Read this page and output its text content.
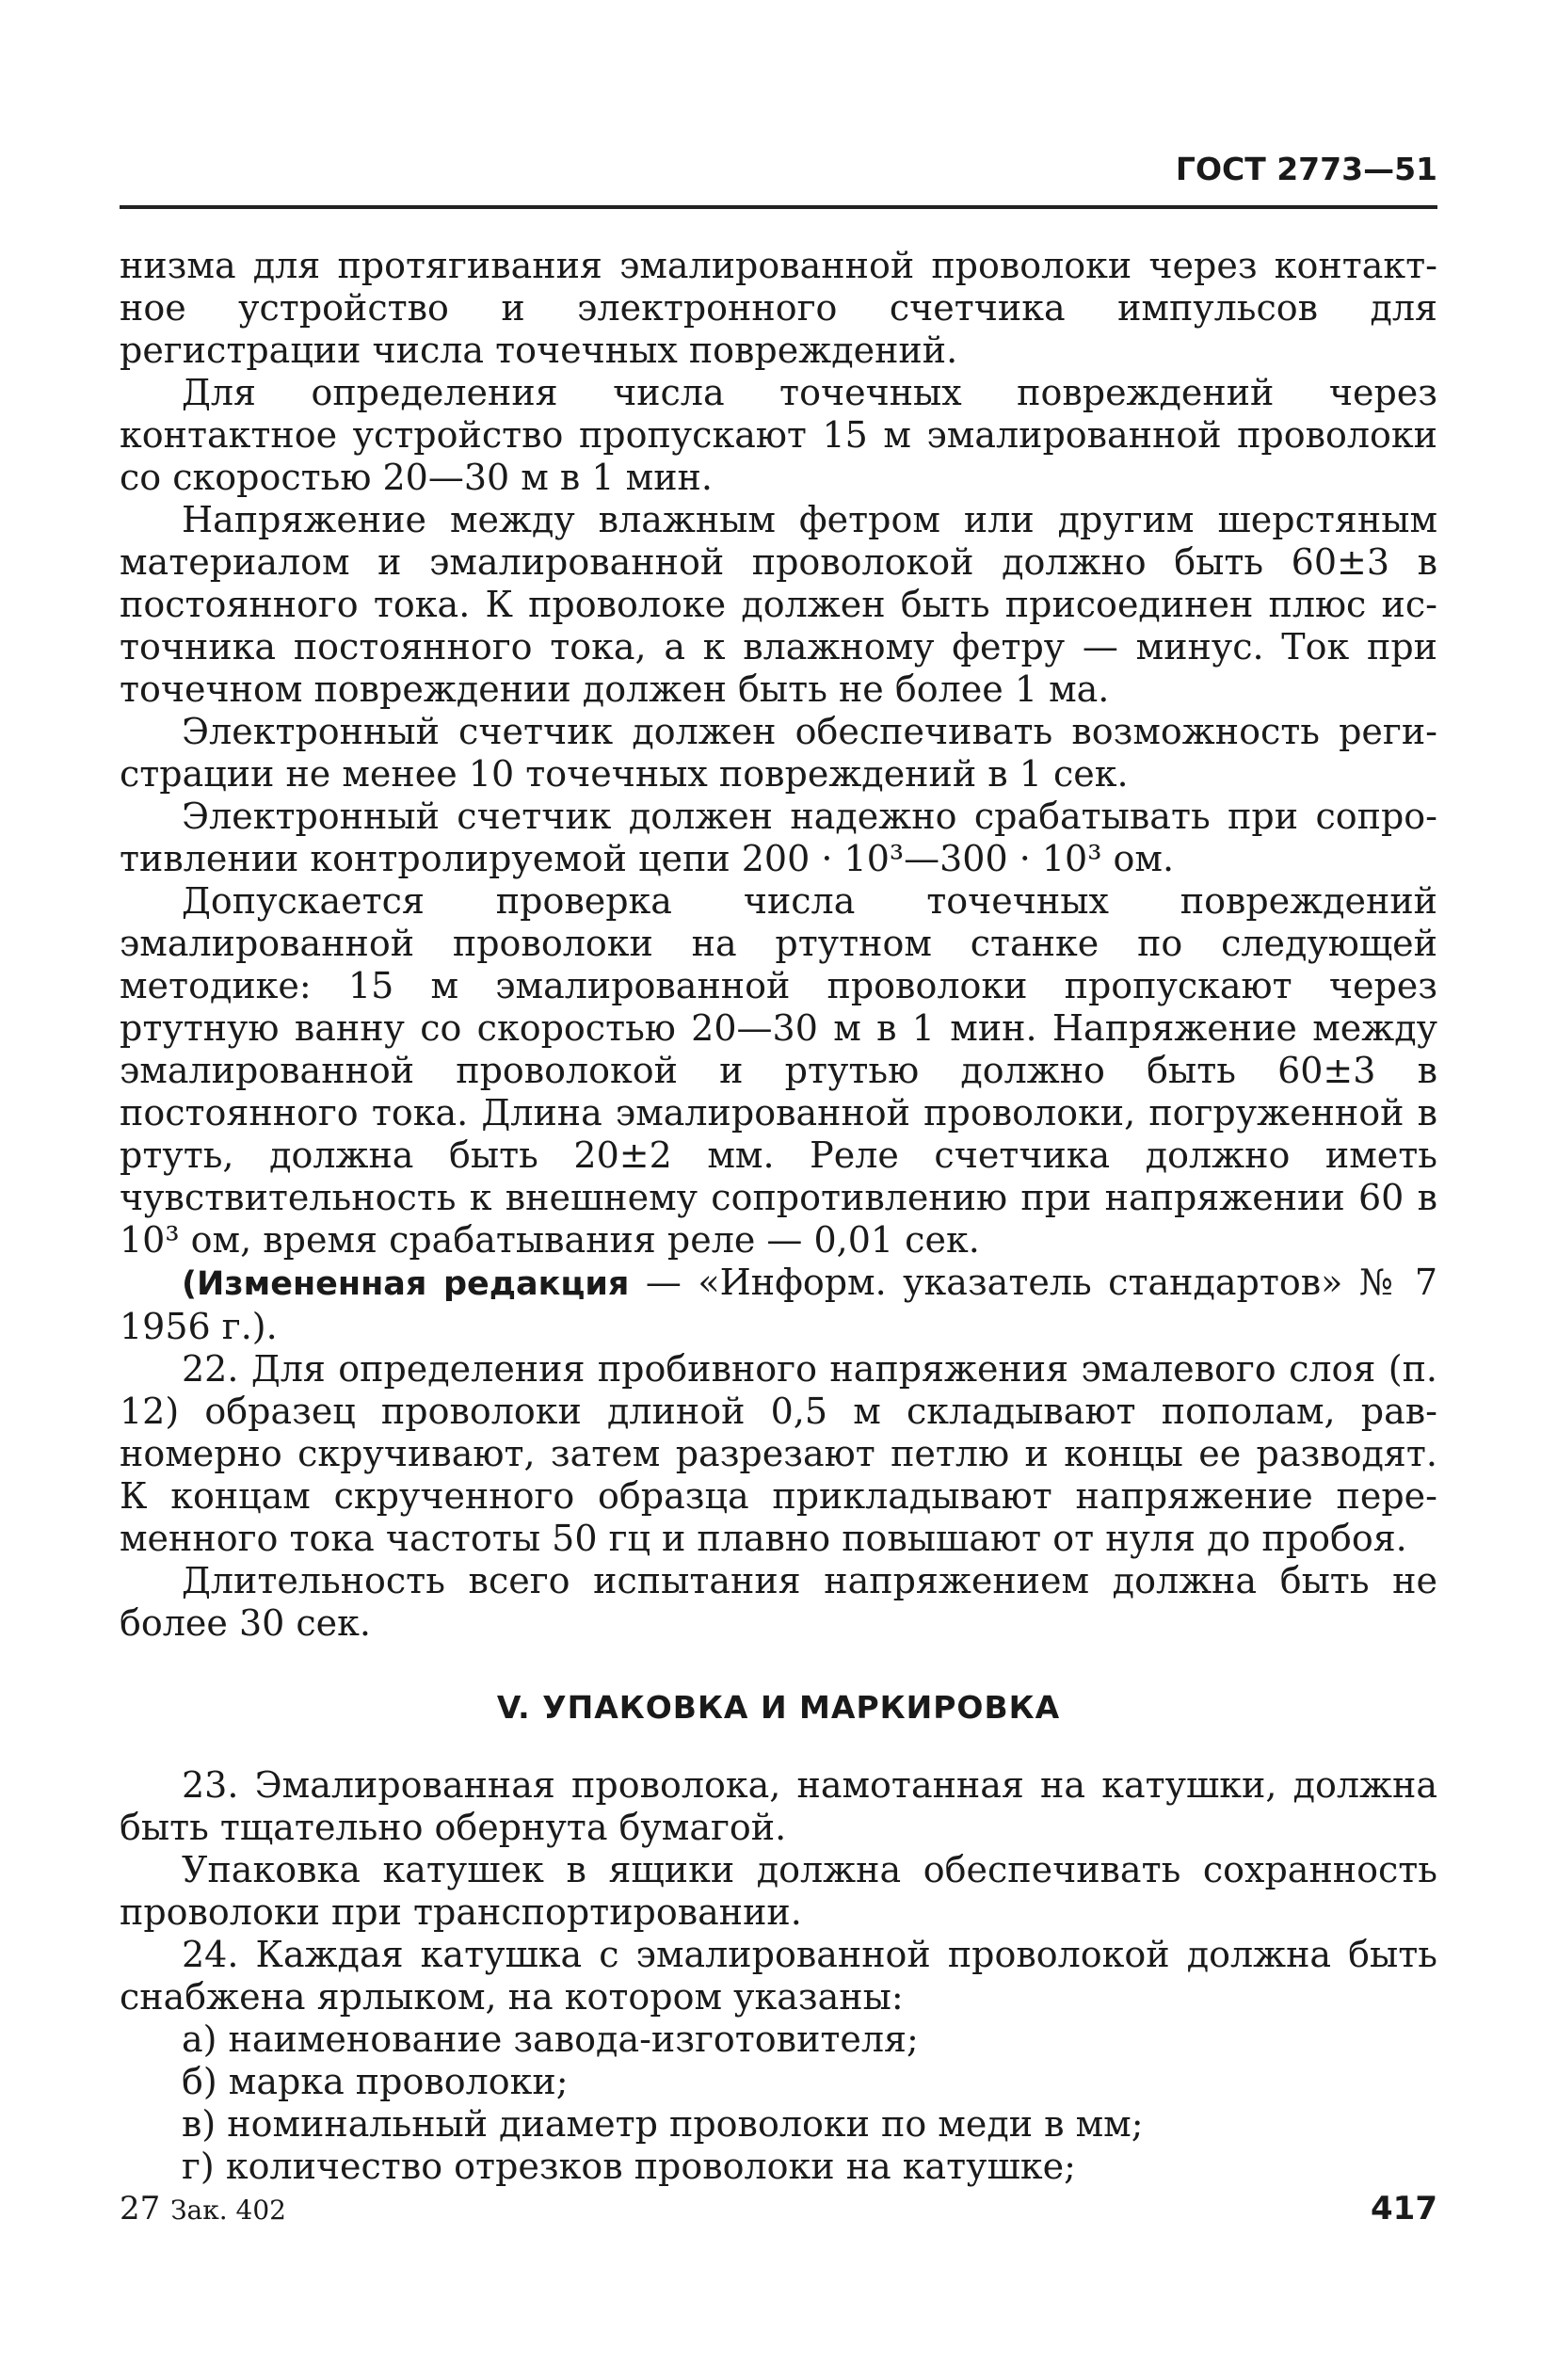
ГОСТ 2773—51

низма для протягивания эмалированной проволоки через контактное устройство и электронного счетчика импульсов для регистрации числа точечных повреждений.

Для определения числа точечных повреждений через контактное устройство пропускают 15 м эмалированной проволоки со скоростью 20—30 м в 1 мин.

Напряжение между влажным фетром или другим шерстяным материалом и эмалированной проволокой должно быть 60±3 в постоянного тока. К проволоке должен быть присоединен плюс источника постоянного тока, а к влажному фетру — минус. Ток при точечном повреждении должен быть не более 1 ма.

Электронный счетчик должен обеспечивать возможность регистрации не менее 10 точечных повреждений в 1 сек.

Электронный счетчик должен надежно срабатывать при сопротивлении контролируемой цепи 200 · 10³—300 · 10³ ом.

Допускается проверка числа точечных повреждений эмалированной проволоки на ртутном станке по следующей методике: 15 м эмалированной проволоки пропускают через ртутную ванну со скоростью 20—30 м в 1 мин. Напряжение между эмалированной проволокой и ртутью должно быть 60±3 в постоянного тока. Длина эмалированной проволоки, погруженной в ртуть, должна быть 20±2 мм. Реле счетчика должно иметь чувствительность к внешнему сопротивлению при напряжении 60 в 10³ ом, время срабатывания реле — 0,01 сек.

(Измененная редакция — «Информ. указатель стандартов» № 7 1956 г.).

22. Для определения пробивного напряжения эмалевого слоя (п. 12) образец проволоки длиной 0,5 м складывают пополам, равномерно скручивают, затем разрезают петлю и концы ее разводят. К концам скрученного образца прикладывают напряжение переменного тока частоты 50 гц и плавно повышают от нуля до пробоя.

Длительность всего испытания напряжением должна быть не более 30 сек.

V. УПАКОВКА И МАРКИРОВКА

23. Эмалированная проволока, намотанная на катушки, должна быть тщательно обернута бумагой.

Упаковка катушек в ящики должна обеспечивать сохранность проволоки при транспортировании.

24. Каждая катушка с эмалированной проволокой должна быть снабжена ярлыком, на котором указаны:

а) наименование завода-изготовителя;

б) марка проволоки;

в) номинальный диаметр проволоки по меди в мм;

г) количество отрезков проволоки на катушке;

27 Зак. 402	417
